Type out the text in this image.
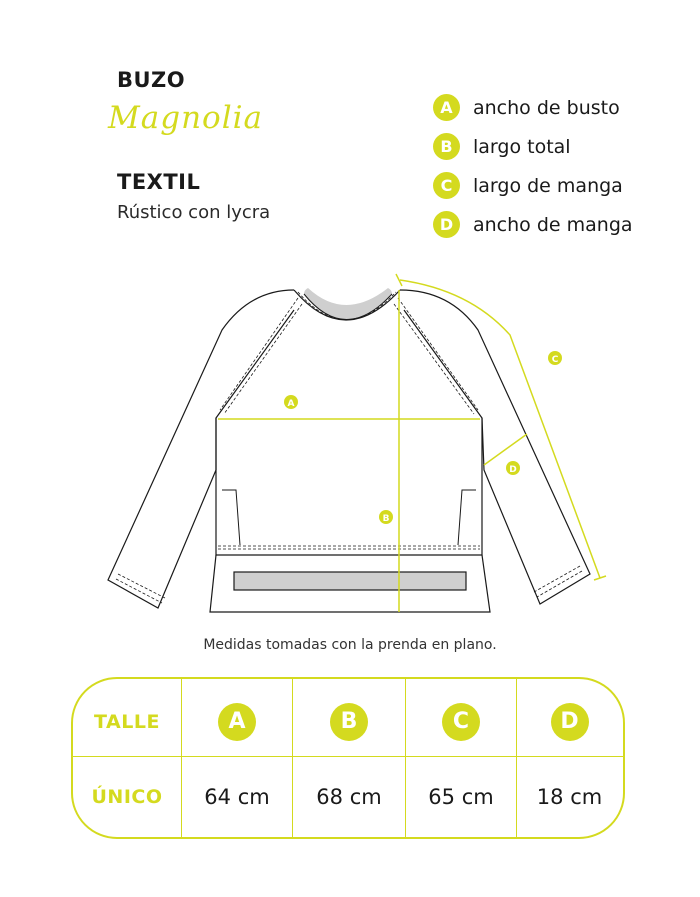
BUZO
Magnolia
TEXTIL
Rústico con lycra
A	ancho de busto
B	largo total
C	largo de manga
D	ancho de manga
A
B
C
D
Medidas tomadas con la prenda en plano.
TALLE	A	B	C	D
ÚNICO 64 cm 68 cm 65 cm 18 cm
